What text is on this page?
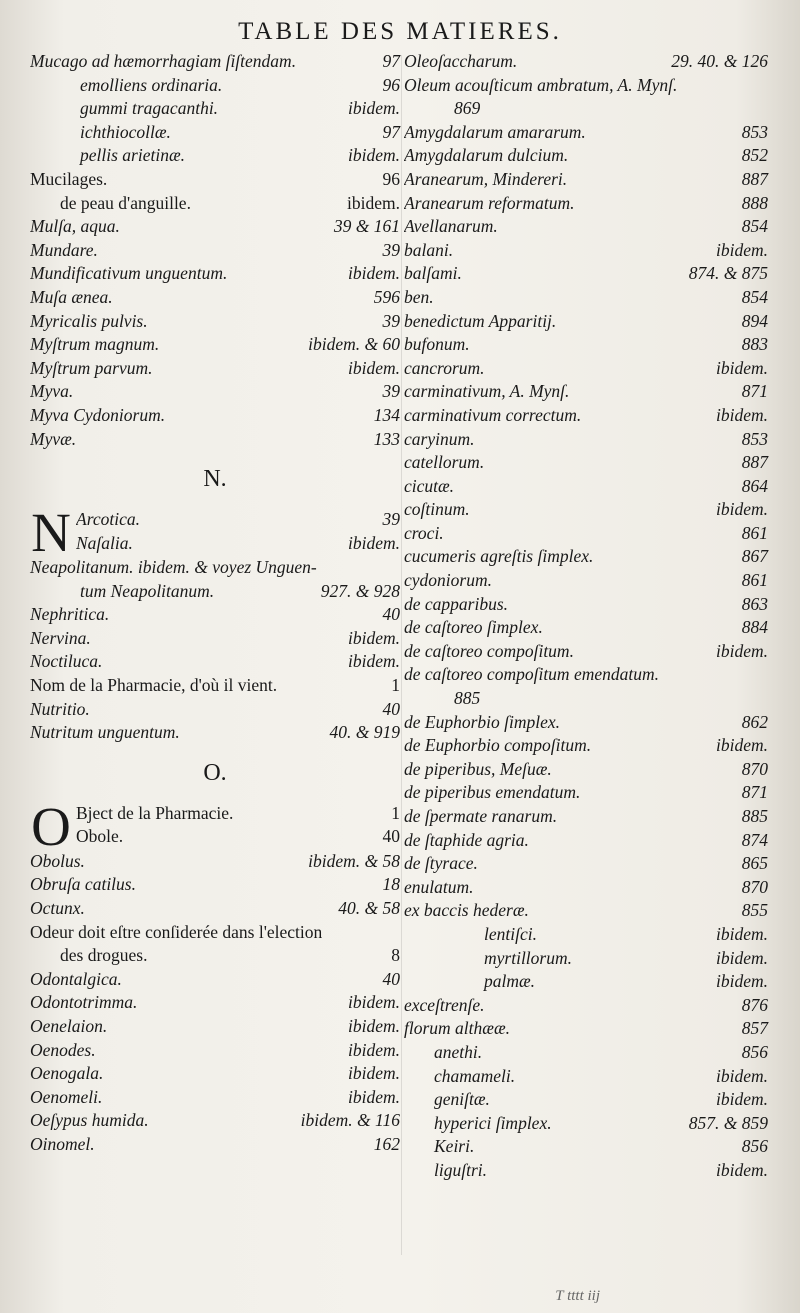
TABLE DES MATIERES.
Mucago ad hæmorrhagiam ſiſtendam.	97
emolliens ordinaria.	96
gummi tragacanthi.	ibidem.
ichthiocollæ.	97
pellis arietinæ.	ibidem.
Mucilages.	96
de peau d'anguille.	ibidem.
Mulſa, aqua.	39 & 161
Mundare.	39
Mundificativum unguentum.	ibidem.
Muſa ænea.	596
Myricalis pulvis.	39
Myſtrum magnum.	ibidem. & 60
Myſtrum parvum.	ibidem.
Myva.	39
Myva Cydoniorum.	134
Myvæ.	133
N.
N Arcotica.	39
Naſalia.	ibidem.
Neapolitanum. ibidem. & voyez Unguen-
tum Neapolitanum.	927. & 928
Nephritica.	40
Nervina.	ibidem.
Noctiluca.	ibidem.
Nom de la Pharmacie, d'où il vient.	1
Nutritio.	40
Nutritum unguentum.	40. & 919
O.
O Bject de la Pharmacie.	1
Obole.	40
Obolus.	ibidem. & 58
Obruſa catilus.	18
Octunx.	40. & 58
Odeur doit eſtre conſiderée dans l'election
des drogues.	8
Odontalgica.	40
Odontotrimma.	ibidem.
Oenelaion.	ibidem.
Oenodes.	ibidem.
Oenogala.	ibidem.
Oenomeli.	ibidem.
Oeſypus humida.	ibidem. & 116
Oinomel.	162
Oleoſaccharum.	29. 40. & 126
Oleum acouſticum ambratum, A. Mynſ.
869
Amygdalarum amararum.	853
Amygdalarum dulcium.	852
Aranearum, Mindereri.	887
Aranearum reformatum.	888
Avellanarum.	854
balani.	ibidem.
balſami.	874. & 875
ben.	854
benedictum Apparitij.	894
bufonum.	883
cancrorum.	ibidem.
carminativum, A. Mynſ.	871
carminativum correctum.	ibidem.
caryinum.	853
catellorum.	887
cicutæ.	864
coſtinum.	ibidem.
croci.	861
cucumeris agreſtis ſimplex.	867
cydoniorum.	861
de capparibus.	863
de caſtoreo ſimplex.	884
de caſtoreo compoſitum.	ibidem.
de caſtoreo compoſitum emendatum.
885
de Euphorbio ſimplex.	862
de Euphorbio compoſitum.	ibidem.
de piperibus, Meſuæ.	870
de piperibus emendatum.	871
de ſpermate ranarum.	885
de ſtaphide agria.	874
de ſtyrace.	865
enulatum.	870
ex baccis hederæ.	855
lentiſci.	ibidem.
myrtillorum.	ibidem.
palmæ.	ibidem.
exceſtrenſe.	876
florum althææ.	857
anethi.	856
chamameli.	ibidem.
geniſtæ.	ibidem.
hyperici ſimplex.	857. & 859
Keiri.	856
liguſtri.	ibidem.
T tttt iij
